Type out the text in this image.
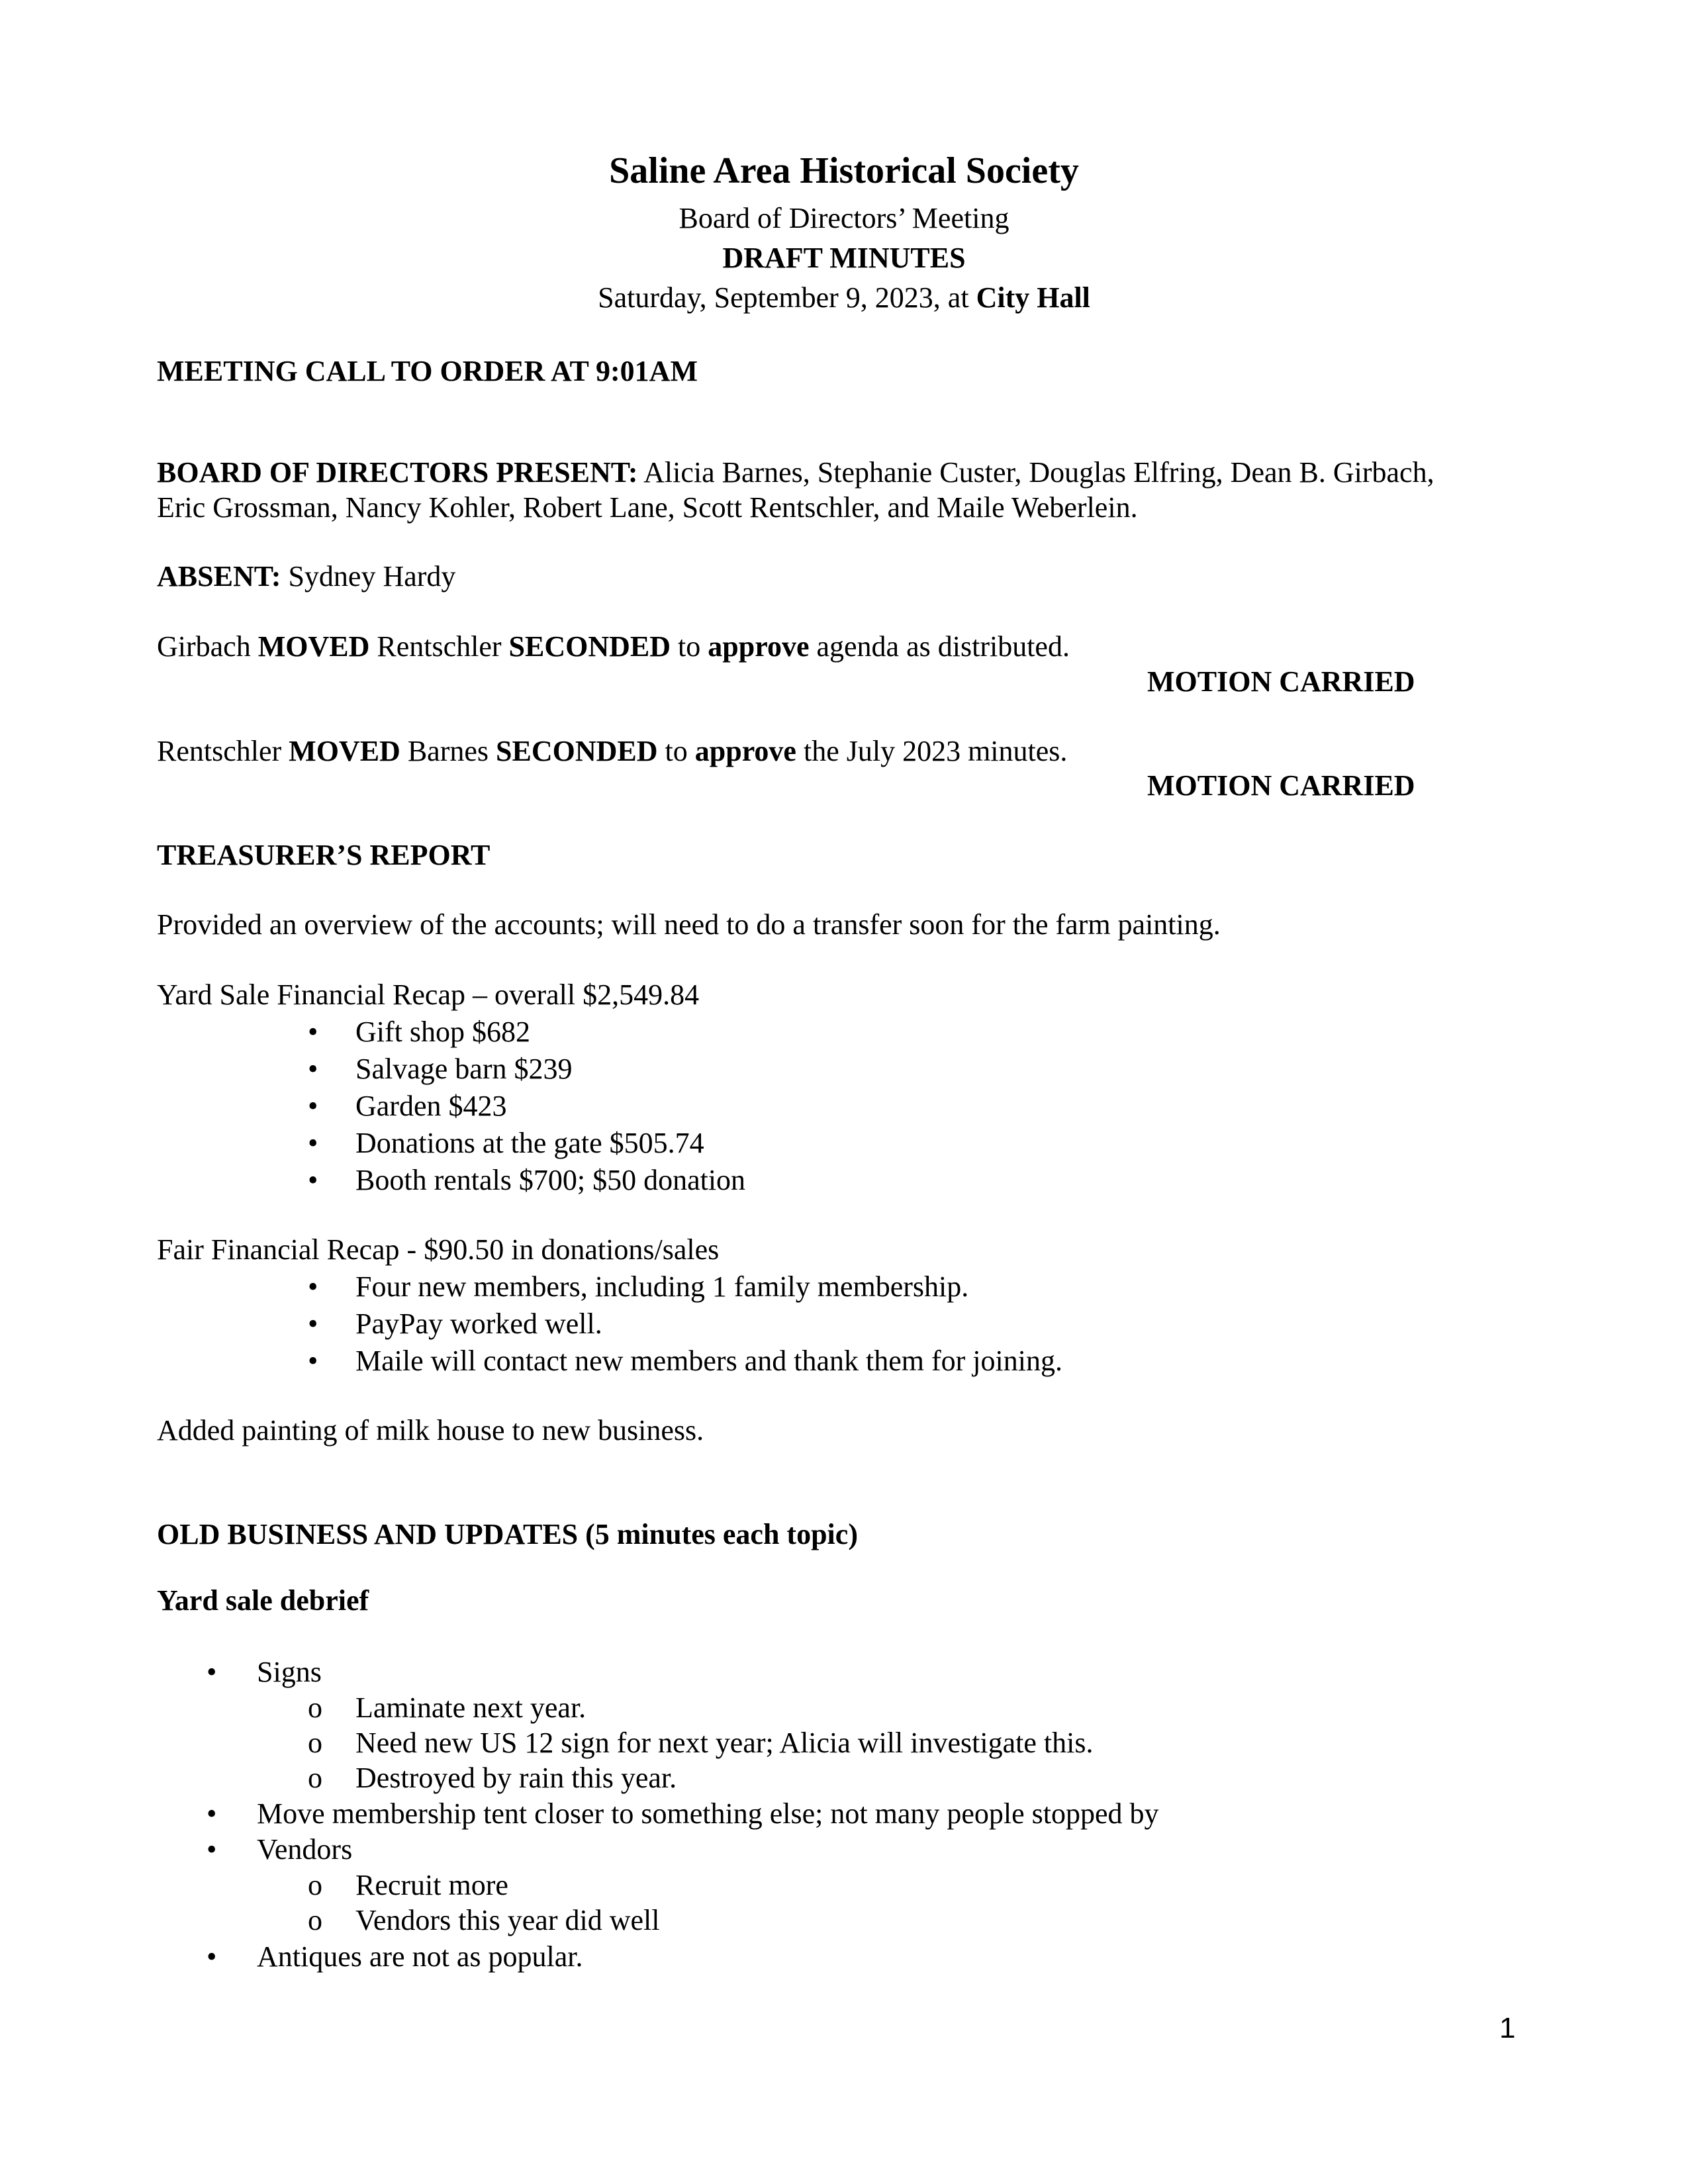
Saline Area Historical Society
Board of Directors’ Meeting
DRAFT MINUTES
Saturday, September 9, 2023, at City Hall
MEETING CALL TO ORDER AT 9:01AM
BOARD OF DIRECTORS PRESENT: Alicia Barnes, Stephanie Custer, Douglas Elfring, Dean B. Girbach,
Eric Grossman, Nancy Kohler, Robert Lane, Scott Rentschler, and Maile Weberlein.
ABSENT: Sydney Hardy
Girbach MOVED Rentschler SECONDED to approve agenda as distributed.
MOTION CARRIED
Rentschler MOVED Barnes SECONDED to approve the July 2023 minutes.
MOTION CARRIED
TREASURER’S REPORT
Provided an overview of the accounts; will need to do a transfer soon for the farm painting.
Yard Sale Financial Recap – overall $2,549.84
• Gift shop $682
• Salvage barn $239
• Garden $423
• Donations at the gate $505.74
• Booth rentals $700; $50 donation
Fair Financial Recap - $90.50 in donations/sales
• Four new members, including 1 family membership.
• PayPay worked well.
• Maile will contact new members and thank them for joining.
Added painting of milk house to new business.
OLD BUSINESS AND UPDATES (5 minutes each topic)
Yard sale debrief
• Signs
o Laminate next year.
o Need new US 12 sign for next year; Alicia will investigate this.
o Destroyed by rain this year.
• Move membership tent closer to something else; not many people stopped by
• Vendors
o Recruit more
o Vendors this year did well
• Antiques are not as popular.
1
